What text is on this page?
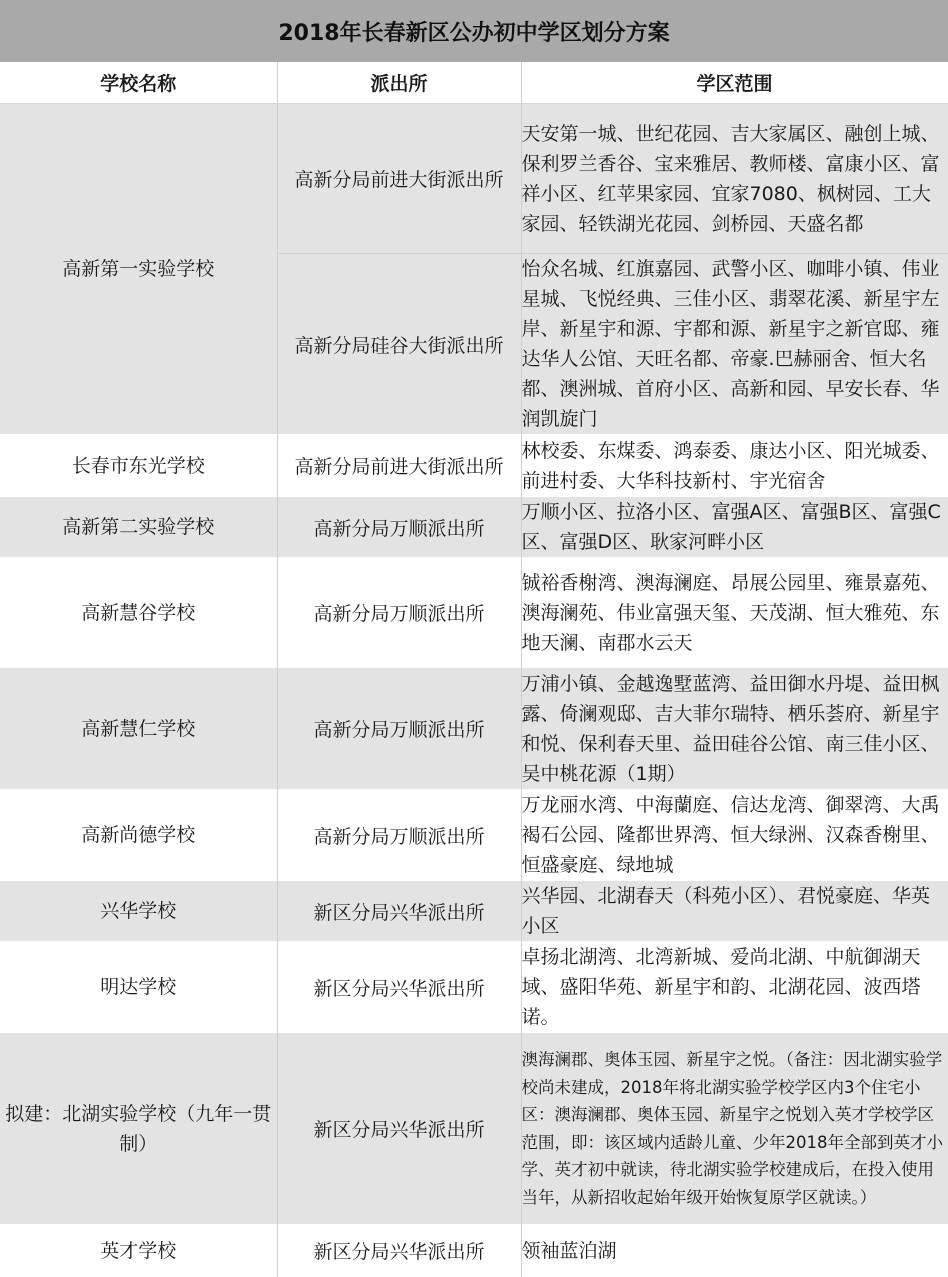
2018年长春新区公办初中学区划分方案
学校名称	派出所	学区范围
高新第一实验学校	高新分局前进大街派出所	天安第一城、世纪花园、吉大家属区、融创上城、保利罗兰香谷、宝来雅居、教师楼、富康小区、富祥小区、红苹果家园、宜家7080、枫树园、工大家园、轻铁湖光花园、剑桥园、天盛名都
	高新分局硅谷大街派出所	怡众名城、红旗嘉园、武警小区、咖啡小镇、伟业星城、飞悦经典、三佳小区、翡翠花溪、新星宇左岸、新星宇和源、宇都和源、新星宇之新官邸、雍达华人公馆、天旺名都、帝豪.巴赫丽舍、恒大名都、澳洲城、首府小区、高新和园、早安长春、华润凯旋门
长春市东光学校	高新分局前进大街派出所	林校委、东煤委、鸿泰委、康达小区、阳光城委、前进村委、大华科技新村、宇光宿舍
高新第二实验学校	高新分局万顺派出所	万顺小区、拉洛小区、富强A区、富强B区、富强C区、富强D区、耿家河畔小区
高新慧谷学校	高新分局万顺派出所	铖裕香榭湾、澳海澜庭、昂展公园里、雍景嘉苑、澳海澜苑、伟业富强天玺、天茂湖、恒大雅苑、东地天澜、南郡水云天
高新慧仁学校	高新分局万顺派出所	万浦小镇、金越逸墅蓝湾、益田御水丹堤、益田枫露、倚澜观邸、吉大菲尔瑞特、栖乐荟府、新星宇和悦、保利春天里、益田硅谷公馆、南三佳小区、吴中桃花源（1期）
高新尚德学校	高新分局万顺派出所	万龙丽水湾、中海蘭庭、信达龙湾、御翠湾、大禹褐石公园、隆都世界湾、恒大绿洲、汉森香榭里、恒盛豪庭、绿地城
兴华学校	新区分局兴华派出所	兴华园、北湖春天（科苑小区）、君悦豪庭、华英小区
明达学校	新区分局兴华派出所	卓扬北湖湾、北湾新城、爱尚北湖、中航御湖天域、盛阳华苑、新星宇和韵、北湖花园、波西塔诺。
拟建：北湖实验学校（九年一贯制）	新区分局兴华派出所	澳海澜郡、奥体玉园、新星宇之悦。（备注：因北湖实验学校尚未建成，2018年将北湖实验学校学区内3个住宅小区：澳海澜郡、奥体玉园、新星宇之悦划入英才学校学区范围，即：该区域内适龄儿童、少年2018年全部到英才小学、英才初中就读，待北湖实验学校建成后，在投入使用当年，从新招收起始年级开始恢复原学区就读。）
英才学校	新区分局兴华派出所	领袖蓝泊湖
